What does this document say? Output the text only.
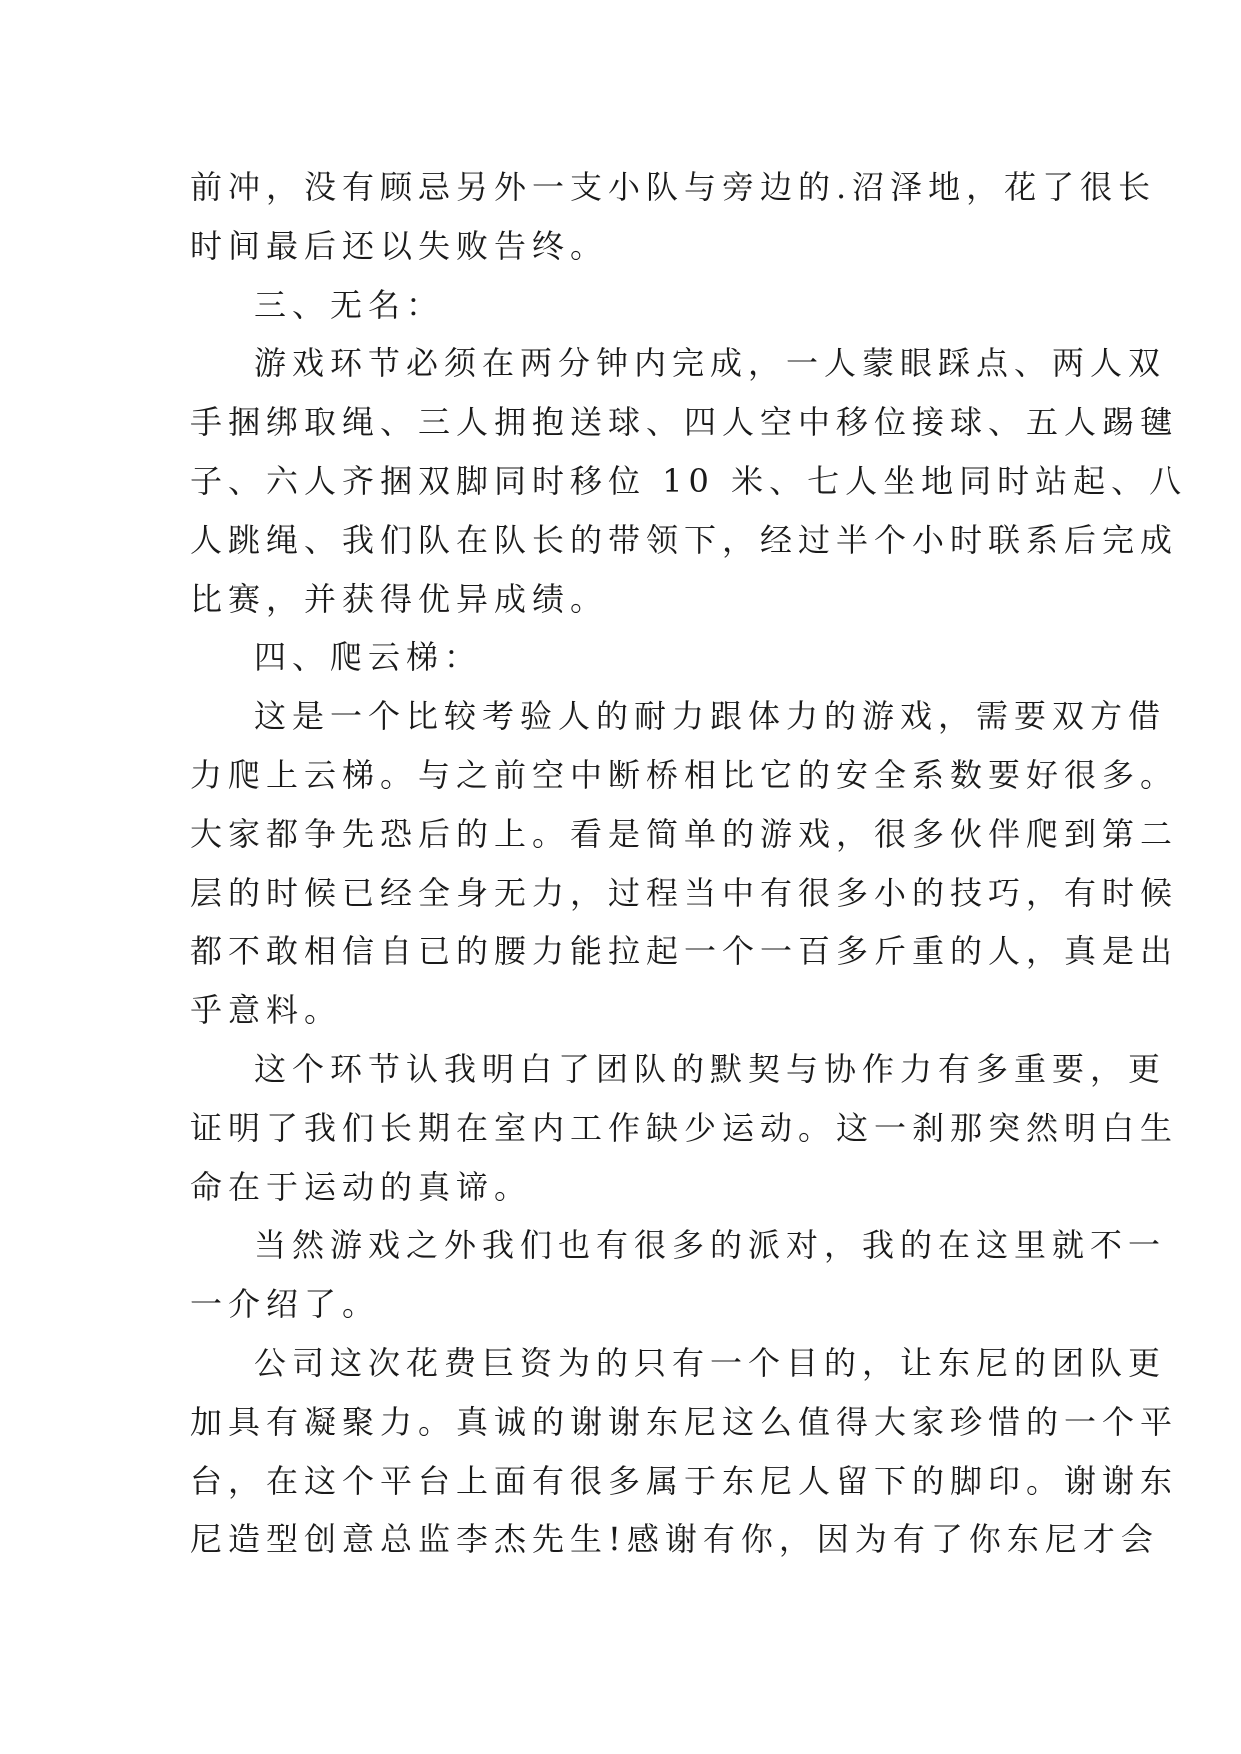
前冲，没有顾忌另外一支小队与旁边的.沼泽地，花了很长
时间最后还以失败告终。
三、无名：
游戏环节必须在两分钟内完成，一人蒙眼踩点、两人双
手捆绑取绳、三人拥抱送球、四人空中移位接球、五人踢毽
子、六人齐捆双脚同时移位 10 米、七人坐地同时站起、八
人跳绳、我们队在队长的带领下，经过半个小时联系后完成
比赛，并获得优异成绩。
四、爬云梯：
这是一个比较考验人的耐力跟体力的游戏，需要双方借
力爬上云梯。与之前空中断桥相比它的安全系数要好很多。
大家都争先恐后的上。看是简单的游戏，很多伙伴爬到第二
层的时候已经全身无力，过程当中有很多小的技巧，有时候
都不敢相信自已的腰力能拉起一个一百多斤重的人，真是出
乎意料。
这个环节认我明白了团队的默契与协作力有多重要，更
证明了我们长期在室内工作缺少运动。这一刹那突然明白生
命在于运动的真谛。
当然游戏之外我们也有很多的派对，我的在这里就不一
一介绍了。
公司这次花费巨资为的只有一个目的，让东尼的团队更
加具有凝聚力。真诚的谢谢东尼这么值得大家珍惜的一个平
台，在这个平台上面有很多属于东尼人留下的脚印。谢谢东
尼造型创意总监李杰先生!感谢有你，因为有了你东尼才会
